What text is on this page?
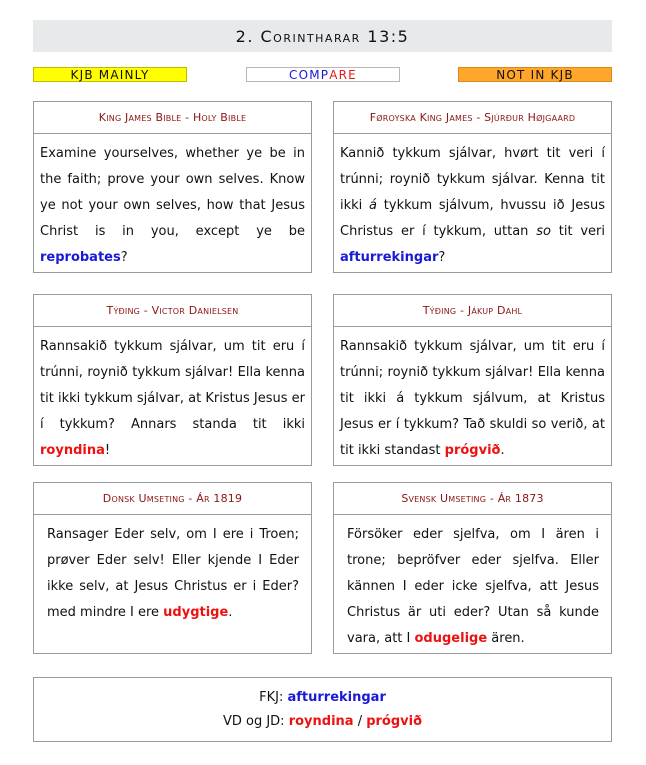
2. Corintharar 13:5
KJB MAINLY	COMP ARE	NOT IN KJB
King James Bible - Holy Bible
Examine yourselves, whether ye be in the faith; prove your own selves. Know ye not your own selves, how that Jesus Christ is in you, except ye be reprobates?
Føroyska King James - Sjúrður Højgaard
Kannið tykkum sjálvar, hvørt tit veri í trúnni; roynið tykkum sjálvar. Kenna tit ikki á tykkum sjálvum, hvussu ið Jesus Christus er í tykkum, uttan so tit veri afturrekingar?
Týðing - Victor Danielsen
Rannsakið tykkum sjálvar, um tit eru í trúnni, roynið tykkum sjálvar! Ella kenna tit ikki tykkum sjálvar, at Kristus Jesus er í tykkum? Annars standa tit ikki royndina!
Týðing - Jákup Dahl
Rannsakið tykkum sjálvar, um tit eru í trúnni; roynið tykkum sjálvar! Ella kenna tit ikki á tykkum sjálvum, at Kristus Jesus er í tykkum? Tað skuldi so verið, at tit ikki standast prógvið.
Donsk Umseting - Ár 1819
Ransager Eder selv, om I ere i Troen; prøver Eder selv! Eller kjende I Eder ikke selv, at Jesus Christus er i Eder? med mindre I ere udygtige.
Svensk Umseting - Ár 1873
Försöker eder sjelfva, om I ären i trone; bepröfver eder sjelfva. Eller kännen I eder icke sjelfva, att Jesus Christus är uti eder? Utan så kunde vara, att I odugelige ären.
FKJ: afturrekingar
VD og JD: royndina / prógvið
